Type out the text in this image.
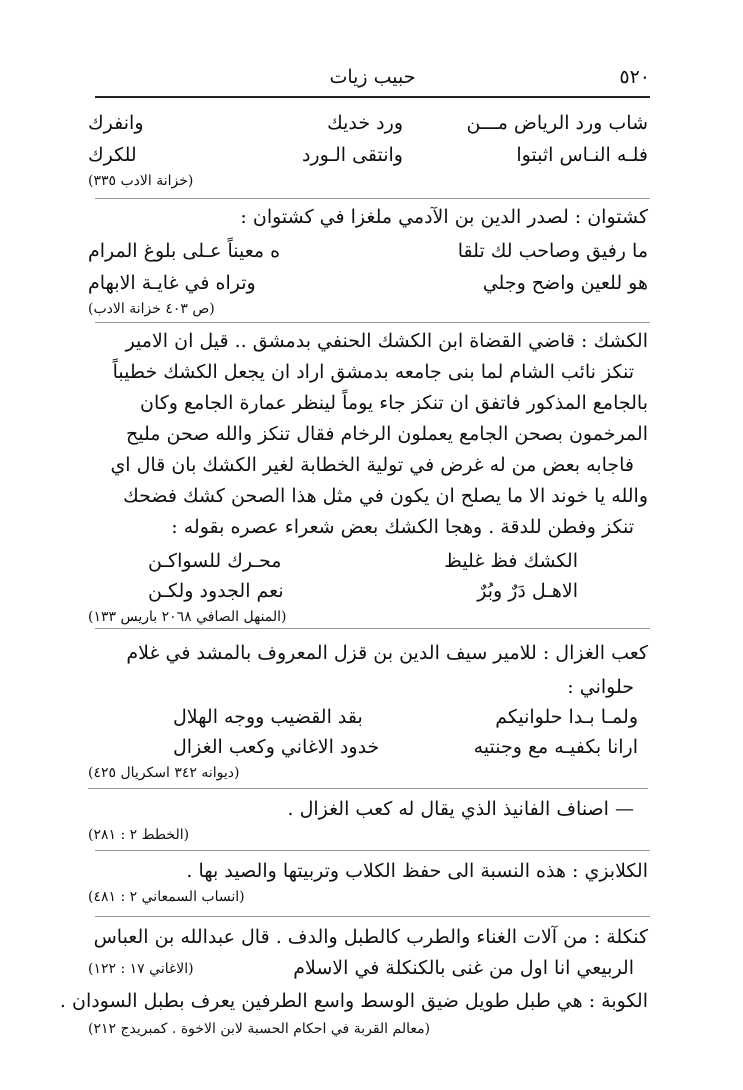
٥٢٠
حبيب زيات
شاب ورد الرياض مـــن
ورد خديك
وانفرك
فلـه النـاس اثبتوا
وانتقى الـورد
للكرك
(خزانة الادب ٣٣٥)
كشتوان : لصدر الدين بن الآدمي ملغزا في كشتوان :
ما رفيق وصاحب لك تلقا
ه معيناً عـلى بلوغ المرام
هو للعين واضح وجلي
وتراه في غايـة الابهام
(ص ٤٠٣ خزانة الادب)
الكشك : قاضي القضاة ابن الكشك الحنفي بدمشق .. قيل ان الامير
تنكز نائب الشام لما بنى جامعه بدمشق اراد ان يجعل الكشك خطيباً
بالجامع المذكور فاتفق ان تنكز جاء يوماً لينظر عمارة الجامع وكان
المرخمون بصحن الجامع يعملون الرخام فقال تنكز والله صحن مليح
فاجابه بعض من له غرض في تولية الخطابة لغير الكشك بان قال اي
والله يا خوند الا ما يصلح ان يكون في مثل هذا الصحن كشك فضحك
تنكز وفطن للدقة . وهجا الكشك بعض شعراء عصره بقوله :
الكشك فظ غليظ
محـرك للسواكـن
الاهـل دَرٌ وبُرٌ
نعم الجدود ولكـن
(المنهل الصافي ٢٠٦٨ باريس ١٣٣)
كعب الغزال : للامير سيف الدين بن قزل المعروف بالمشد في غلام
حلواني :
ولمـا بـدا حلوانيكم
بقد القضيب ووجه الهلال
ارانا بكفيـه مع وجنتيه
خدود الاغاني وكعب الغزال
(ديوانه ٣٤٢ اسكريال ٤٢٥)
— اصناف الفانيذ الذي يقال له كعب الغزال .
(الخطط ٢ : ٢٨١)
الكلابزي : هذه النسبة الى حفظ الكلاب وتربيتها والصيد بها .
(انساب السمعاني ٢ : ٤٨١)
كنكلة : من آلات الغناء والطرب كالطبل والدف . قال عبدالله بن العباس
الربيعي انا اول من غنى بالكنكلة في الاسلام
(الاغاني ١٧ : ١٢٢)
الكوبة : هي طبل طويل ضيق الوسط واسع الطرفين يعرف بطبل السودان .
(معالم القربة في احكام الحسبة لابن الاخوة . كمبريدج ٢١٢)
